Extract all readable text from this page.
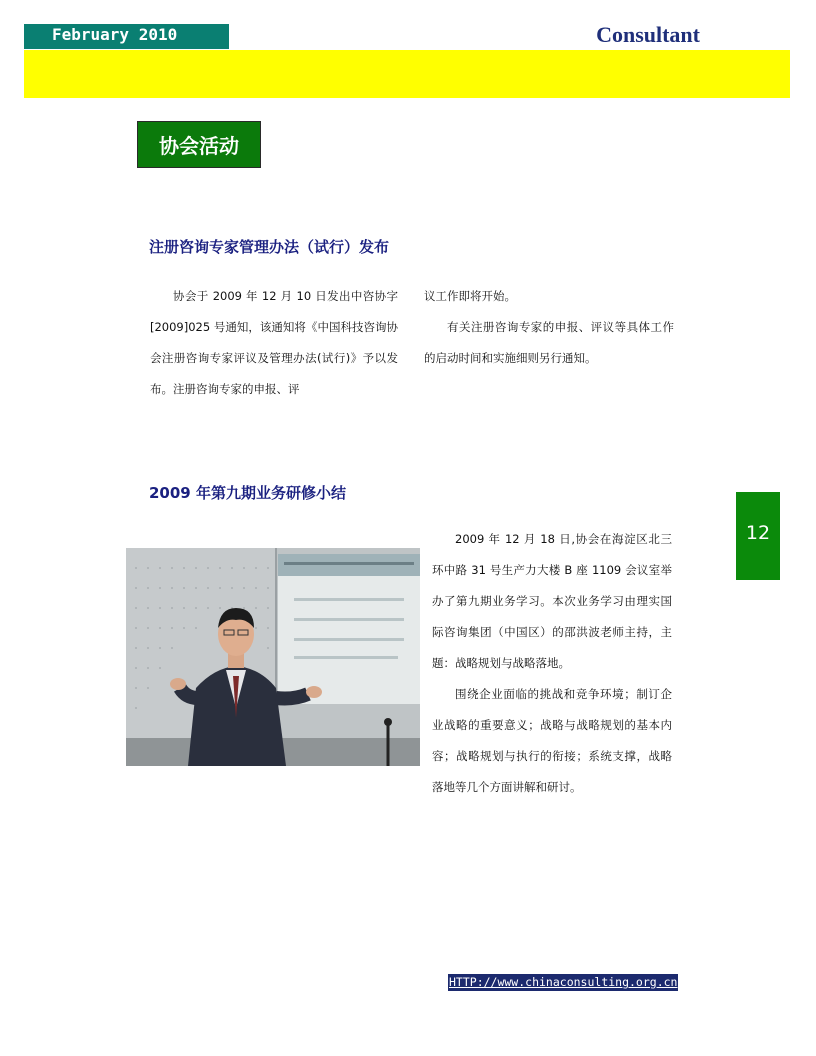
February 2010	Consultant
协会活动
注册咨询专家管理办法（试行）发布

协会于 2009 年 12 月 10 日发出中咨协字[2009]025 号通知，该通知将《中国科技咨询协会注册咨询专家评议及管理办法(试行)》予以发布。注册咨询专家的申报、评

议工作即将开始。

有关注册咨询专家的申报、评议等具体工作的启动时间和实施细则另行通知。

2009 年第九期业务研修小结

2009 年 12 月 18 日,协会在海淀区北三环中路 31 号生产力大楼 B 座 1109 会议室举办了第九期业务学习。本次业务学习由理实国际咨询集团（中国区）的邵洪波老师主持，主题：战略规划与战略落地。

围绕企业面临的挑战和竞争环境；制订企业战略的重要意义；战略与战略规划的基本内容；战略规划与执行的衔接；系统支撑，战略落地等几个方面讲解和研讨。

12
HTTP://www.chinaconsulting.org.cn
